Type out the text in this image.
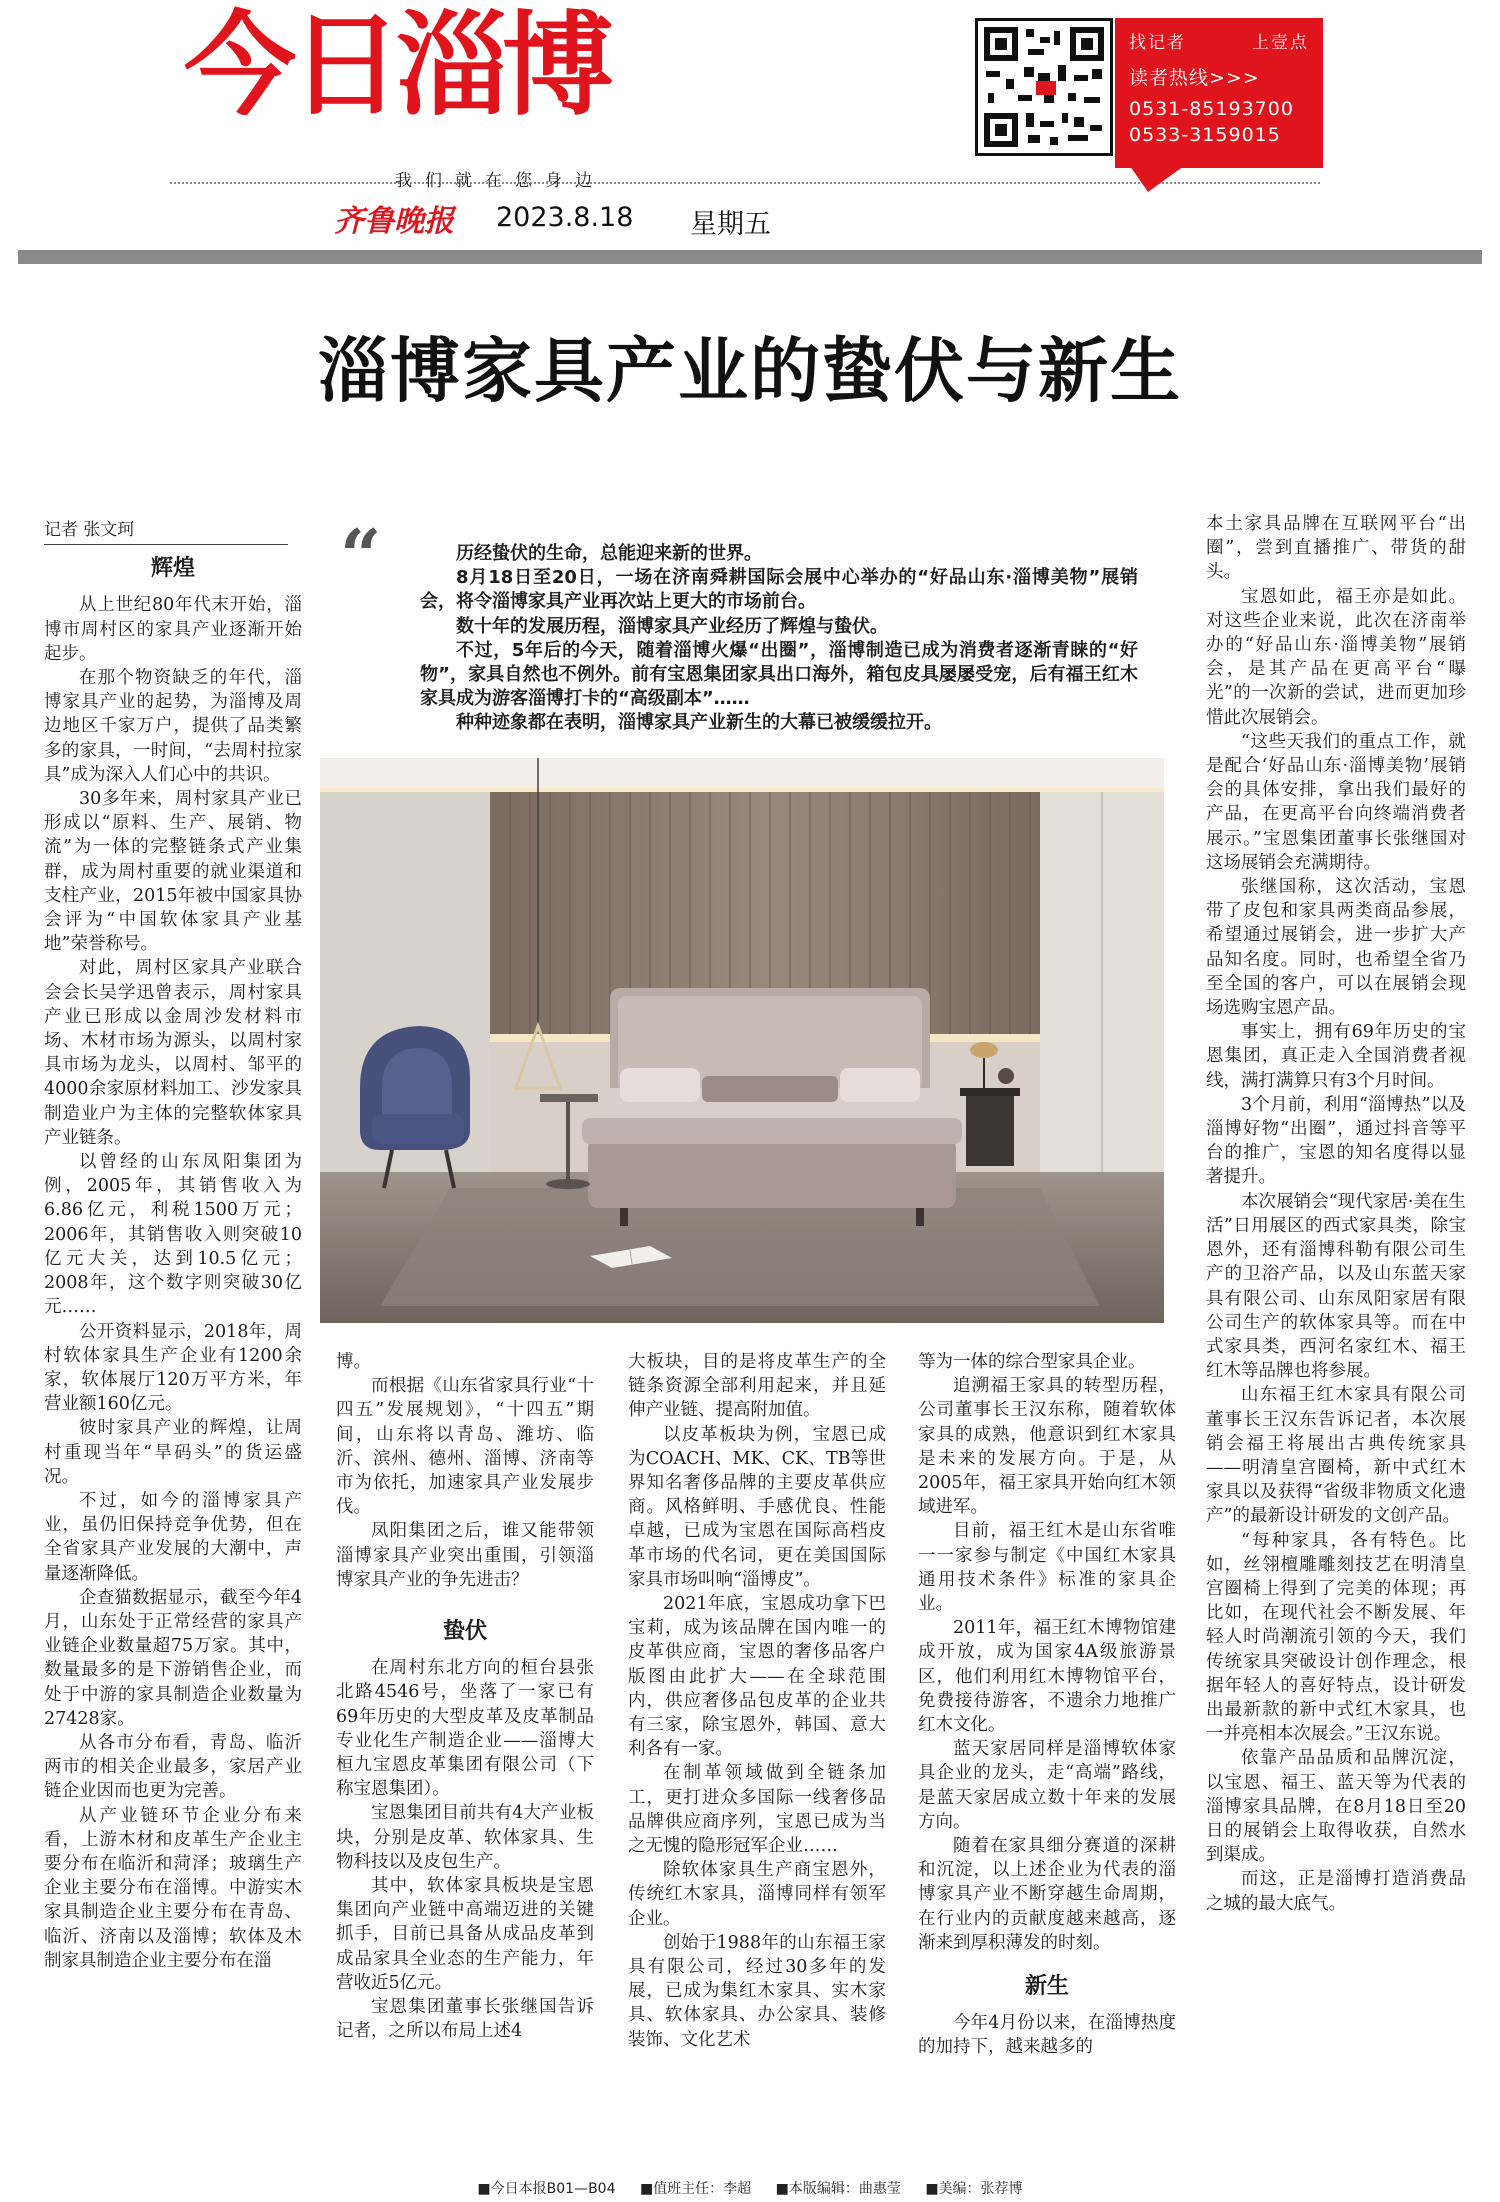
今日淄博
我们就在您身边
齐鲁晚报 2023.8.18 星期五
找记者	上壹点
读者热线>>>
0531-85193700
0533-3159015
淄博家具产业的蛰伏与新生
“	历经蛰伏的生命，总能迎来新的世界。

8月18日至20日，一场在济南舜耕国际会展中心举办的“好品山东·淄博美物”展销会，将令淄博家具产业再次站上更大的市场前台。

数十年的发展历程，淄博家具产业经历了辉煌与蛰伏。

不过，5年后的今天，随着淄博火爆“出圈”，淄博制造已成为消费者逐渐青睐的“好物”，家具自然也不例外。前有宝恩集团家具出口海外，箱包皮具屡屡受宠，后有福王红木家具成为游客淄博打卡的“高级副本”……

种种迹象都在表明，淄博家具产业新生的大幕已被缓缓拉开。

记者 张文珂
辉煌

从上世纪80年代末开始，淄博市周村区的家具产业逐渐开始起步。

在那个物资缺乏的年代，淄博家具产业的起势，为淄博及周边地区千家万户，提供了品类繁多的家具，一时间，“去周村拉家具”成为深入人们心中的共识。

30多年来，周村家具产业已形成以“原料、生产、展销、物流”为一体的完整链条式产业集群，成为周村重要的就业渠道和支柱产业，2015年被中国家具协会评为“中国软体家具产业基地”荣誉称号。

对此，周村区家具产业联合会会长吴学迅曾表示，周村家具产业已形成以金周沙发材料市场、木材市场为源头，以周村家具市场为龙头，以周村、邹平的4000余家原材料加工、沙发家具制造业户为主体的完整软体家具产业链条。

以曾经的山东凤阳集团为例，2005年，其销售收入为6.86亿元，利税1500万元；2006年，其销售收入则突破10亿元大关，达到10.5亿元；2008年，这个数字则突破30亿元……

公开资料显示，2018年，周村软体家具生产企业有1200余家，软体展厅120万平方米，年营业额160亿元。

彼时家具产业的辉煌，让周村重现当年“旱码头”的货运盛况。

不过，如今的淄博家具产业，虽仍旧保持竞争优势，但在全省家具产业发展的大潮中，声量逐渐降低。

企查猫数据显示，截至今年4月，山东处于正常经营的家具产业链企业数量超75万家。其中，数量最多的是下游销售企业，而处于中游的家具制造企业数量为27428家。

从各市分布看，青岛、临沂两市的相关企业最多，家居产业链企业因而也更为完善。

从产业链环节企业分布来看，上游木材和皮革生产企业主要分布在临沂和菏泽；玻璃生产企业主要分布在淄博。中游实木家具制造企业主要分布在青岛、临沂、济南以及淄博；软体及木制家具制造企业主要分布在淄

博。

而根据《山东省家具行业“十四五”发展规划》，“十四五”期间，山东将以青岛、潍坊、临沂、滨州、德州、淄博、济南等市为依托，加速家具产业发展步伐。

凤阳集团之后，谁又能带领淄博家具产业突出重围，引领淄博家具产业的争先进击？

蛰伏

在周村东北方向的桓台县张北路4546号，坐落了一家已有69年历史的大型皮革及皮革制品专业化生产制造企业——淄博大桓九宝恩皮革集团有限公司（下称宝恩集团）。

宝恩集团目前共有4大产业板块，分别是皮革、软体家具、生物科技以及皮包生产。

其中，软体家具板块是宝恩集团向产业链中高端迈进的关键抓手，目前已具备从成品皮革到成品家具全业态的生产能力，年营收近5亿元。

宝恩集团董事长张继国告诉记者，之所以布局上述4

大板块，目的是将皮革生产的全链条资源全部利用起来，并且延伸产业链、提高附加值。

以皮革板块为例，宝恩已成为COACH、MK、CK、TB等世界知名奢侈品牌的主要皮革供应商。风格鲜明、手感优良、性能卓越，已成为宝恩在国际高档皮革市场的代名词，更在美国国际家具市场叫响“淄博皮”。

2021年底，宝恩成功拿下巴宝莉，成为该品牌在国内唯一的皮革供应商，宝恩的奢侈品客户版图由此扩大——在全球范围内，供应奢侈品包皮革的企业共有三家，除宝恩外，韩国、意大利各有一家。

在制革领域做到全链条加工，更打进众多国际一线奢侈品品牌供应商序列，宝恩已成为当之无愧的隐形冠军企业……

除软体家具生产商宝恩外，传统红木家具，淄博同样有领军企业。

创始于1988年的山东福王家具有限公司，经过30多年的发展，已成为集红木家具、实木家具、软体家具、办公家具、装修装饰、文化艺术

等为一体的综合型家具企业。

追溯福王家具的转型历程，公司董事长王汉东称，随着软体家具的成熟，他意识到红木家具是未来的发展方向。于是，从2005年，福王家具开始向红木领域进军。

目前，福王红木是山东省唯一一家参与制定《中国红木家具通用技术条件》标准的家具企业。

2011年，福王红木博物馆建成开放，成为国家4A级旅游景区，他们利用红木博物馆平台，免费接待游客，不遗余力地推广红木文化。

蓝天家居同样是淄博软体家具企业的龙头，走“高端”路线，是蓝天家居成立数十年来的发展方向。

随着在家具细分赛道的深耕和沉淀，以上述企业为代表的淄博家具产业不断穿越生命周期，在行业内的贡献度越来越高，逐渐来到厚积薄发的时刻。

新生

今年4月份以来，在淄博热度的加持下，越来越多的

本土家具品牌在互联网平台“出圈”，尝到直播推广、带货的甜头。

宝恩如此，福王亦是如此。对这些企业来说，此次在济南举办的“好品山东·淄博美物”展销会，是其产品在更高平台“曝光”的一次新的尝试，进而更加珍惜此次展销会。

“这些天我们的重点工作，就是配合‘好品山东·淄博美物’展销会的具体安排，拿出我们最好的产品，在更高平台向终端消费者展示。”宝恩集团董事长张继国对这场展销会充满期待。

张继国称，这次活动，宝恩带了皮包和家具两类商品参展，希望通过展销会，进一步扩大产品知名度。同时，也希望全省乃至全国的客户，可以在展销会现场选购宝恩产品。

事实上，拥有69年历史的宝恩集团，真正走入全国消费者视线，满打满算只有3个月时间。

3个月前，利用“淄博热”以及淄博好物“出圈”，通过抖音等平台的推广，宝恩的知名度得以显著提升。

本次展销会“现代家居·美在生活”日用展区的西式家具类，除宝恩外，还有淄博科勒有限公司生产的卫浴产品，以及山东蓝天家具有限公司、山东凤阳家居有限公司生产的软体家具等。而在中式家具类，西河名家红木、福王红木等品牌也将参展。

山东福王红木家具有限公司董事长王汉东告诉记者，本次展销会福王将展出古典传统家具——明清皇宫圈椅，新中式红木家具以及获得“省级非物质文化遗产”的最新设计研发的文创产品。

“每种家具，各有特色。比如，丝翎檀雕雕刻技艺在明清皇宫圈椅上得到了完美的体现；再比如，在现代社会不断发展、年轻人时尚潮流引领的今天，我们传统家具突破设计创作理念，根据年轻人的喜好特点，设计研发出最新款的新中式红木家具，也一并亮相本次展会。”王汉东说。

依靠产品品质和品牌沉淀，以宝恩、福王、蓝天等为代表的淄博家具品牌，在8月18日至20日的展销会上取得收获，自然水到渠成。

而这，正是淄博打造消费品之城的最大底气。

■今日本报B01—B04 ■值班主任：李超 ■本版编辑：曲惠莹 ■美编：张荐博
